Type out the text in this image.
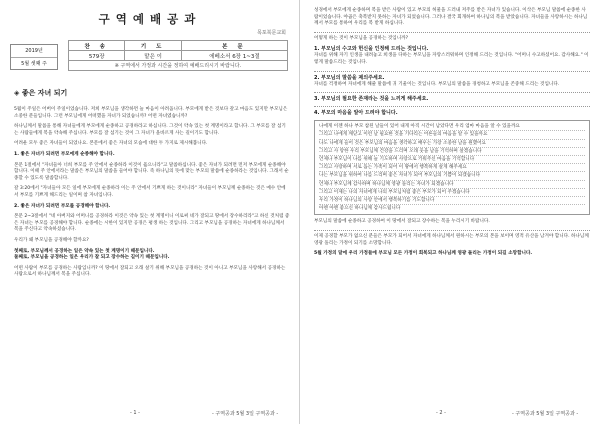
구역예배공과
목포북문교회
2019년
5월 셋째 주
찬 송	기 도	본 문
579장	맡은 이	에베소서 6장 1~3절
※ 구역에서 가정과 시간을 정하여 예배드리시기 바랍니다.		
◈ 좋은 자녀 되기

5월이 주일은 어버이 주일이었습니다. 저희 부모님을 생각하면 늘 마음이 아려옵니다. 부모에게 받은 것보다 갚고 마음도 있지만 부모님은 소중한 분들입니다. 그런 부모님에게 어떠했을 자녀가 되었습니까? 어떤 자녀였습니까?

하나님께서 말씀을 통해 자녀들에게 부모에게 순종하고 공경하라고 하십니다. 그것이 약속 있는 첫 계명이라고 합니다. 그 부모를 잘 섬기는 사람들에게 복을 약속해 주십니다. 부모를 잘 섬기는 것이 그 자녀가 올바르게 사는 길이기도 합니다.

어려운 모두 좋은 자녀들이 되었나요. 본문에서 좋은 자녀의 모습에 대한 두 가지로 제시해봅니다.

1. 좋은 자녀가 되려면 부모에게 순종해야 합니다.

본문 1절에서 "자녀들아 너희 부모를 주 안에서 순종하라 이것이 옳으니라"고 말씀하십니다. 좋은 자녀가 되려면 먼저 부모에게 순종해야 합니다. 이때 주 안에서라는 말씀은 부모님의 말씀을 들어야 합니다. 즉 하나님의 뜻에 맞는 부모의 말씀에 순종하라는 것입니다. 그래서 순종할 수 있도록 말씀합니다.

갈 3:20에서 "자녀들아 모든 일에 부모에게 순종하라 이는 주 안에서 기쁘게 하는 것이니라" 자녀들이 부모님께 순종하는 것은 예수 안에서 부모를 기쁘게 해드리는 일이며 참 자녀입니다.

2. 좋은 자녀가 되려면 부모를 공경해야 합니다.

본문 2~3절에서 "네 아버지와 어머니를 공경하라 이것은 약속 있는 첫 계명이니 이로써 네가 잘되고 땅에서 장수하리라"고 하신 것처럼 좋은 자녀는 부모를 공경해야 합니다. 순종에는 시한이 있지만 공경은 평생 하는 것입니다. 그리고 부모님을 공경하는 자녀에게 하나님께서 복을 주신다고 약속하셨습니다.

우리가 왜 부모님을 공경해야 할까요?

첫째로, 부모님께서 공경하는 일은 약속 있는 첫 계명이기 때문입니다.

둘째로, 부모님을 공경하는 일은 우리가 잘 되고 장수하는 길이기 때문입니다.

어떤 사람이 부모를 공경하는 사람입니까? 이 땅에서 잘되고 오래 살기 위해 부모님을 공경하는 것이 아니고 부모님을 사랑해서 공경하는 사람으로서 하나님께서 복을 주십니다.

- 1 -	- 구역공과 5월 3일 구역공과 -

성경에서 부모에게 순종하며 복을 받은 사람이 있고 부모의 허물을 드러내 저주를 받은 자녀가 있습니다. 이삭은 부모님 말씀에 순종한 사람이었습니다. 야곱은 축복받지 못하는 자녀가 되었습니다. 그러나 결국 회개하여 하나님의 복을 받았습니다. 자녀들을 사랑하시는 하나님께서 부모를 통하여 우리를 복 받게 하십니다.

어떻게 하는 것이 부모님을 공경하는 것입니까?

1. 부모님의 수고와 헌신을 인정해 드리는 것입니다.

자녀를 위해 자기 인생을 내려놓고 희생을 다하는 부모님을 자랑스러워하며 인정해 드리는 것입니다. "어머니 수고하셨어요. 감사해요." 이렇게 말씀드리는 것입니다.

2. 부모님의 말씀을 제의주세요.

자녀를 걱정하여 자녀에게 해줄 말씀에 귀 기울이는 것입니다. 부모님의 말씀을 경청하고 부모님을 존중해 드리는 것입니다.

3. 부모님의 필요한 존재라는 것을 느끼게 해주세요.

4. 부모의 마음을 알아 드려야 합니다.

나에게 이젠 하나 부모 참된 날들이 있어 내게 아직 시간이 남았다면 우리 엄마 마음을 알 수 있을까요
그리고 나에게 깨닫고 이런 날 필요한 것을 기다리는 어른들의 마음을 알 수 있을까요
나도 나에게 들어 것은 부모님의 마음을 생각하고 배우는 가장 소중한 날을 원했어요
그리고 사 랑한 우리 부모님께 건강을 드리며 오래 웃을 날을 기억하며 살겠습니다
언제나 부모님이 나를 위해 늘 기도하며 사랑으로 키워주신 마음을 기억합니다
그리고 사랑하며 서로 돕는 가족이 되어 이 땅에서 행복하게 살게 해주세요
나는 부모님을 위하여 나를 드리며 좋은 자녀가 되어 부모님의 기쁨이 되겠습니다
언제나 부모님께 감사하며 하나님께 영광 돌리는 자녀가 되겠습니다
그리고 이제는 나의 자녀에게 나의 부모님처럼 좋은 부모가 되어 주겠습니다
우리 가정이 하나님의 사랑 안에서 행복하기를 기도합니다
아멘 아멘 좋으신 하나님께 감사드립니다

부모님의 말씀에 순종하고 공경하여 이 땅에서 잘되고 장수하는 복을 누리시기 바랍니다.

이제 공경할 부모가 없으신 분들은 부모가 되어서 자녀에게 하나님께서 원하시는 부모의 본을 보이며 영적 유산을 남겨야 합니다. 하나님께 영광 돌리는 가정이 되기를 소망합니다.

5월 가정의 달에 우리 가정들에 부모님 모든 가정이 회복되고 하나님께 영광 돌리는 가정이 되길 소망합니다.

- 2 -	- 구역공과 5월 3일 구역공과 -
